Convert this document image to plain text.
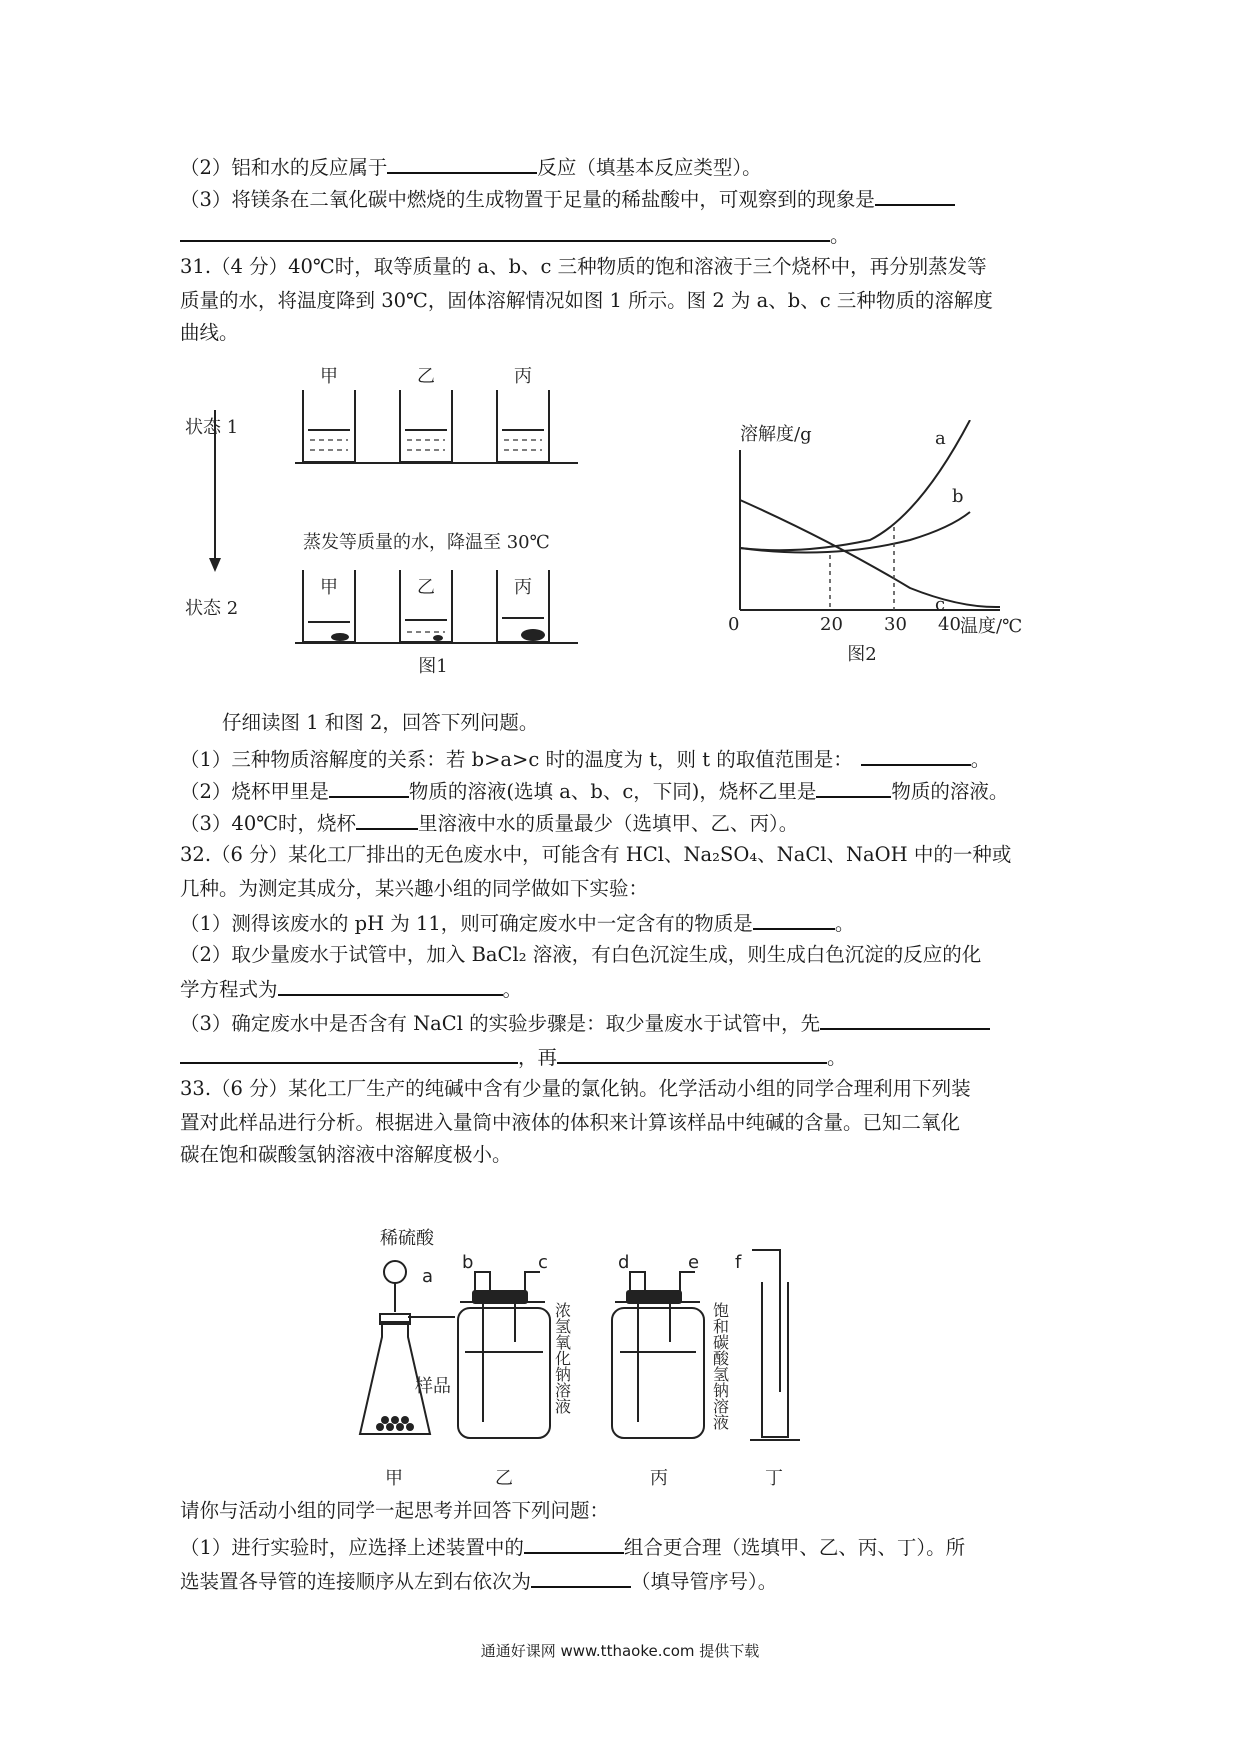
（2）铝和水的反应属于	反应（填基本反应类型）。
（3）将镁条在二氧化碳中燃烧的生成物置于足量的稀盐酸中，可观察到的现象是
。
31.（4 分）40℃时，取等质量的 a、b、c 三种物质的饱和溶液于三个烧杯中，再分别蒸发等
质量的水，将温度降到 30℃，固体溶解情况如图 1 所示。图 2 为 a、b、c 三种物质的溶解度
曲线。
甲	乙	丙
状态 1
蒸发等质量的水，降温至 30℃
状态 2
甲	乙	丙
图1
溶解度/g
温度/℃
0	20 30 40
a
b
c
图2
仔细读图 1 和图 2，回答下列问题。
（1）三种物质溶解度的关系：若 b>a>c 时的温度为 t，则 t 的取值范围是：	。
（2）烧杯甲里是	物质的溶液(选填 a、b、c，下同)，烧杯乙里是	物质的溶液。
（3）40℃时，烧杯	里溶液中水的质量最少（选填甲、乙、丙）。
32.（6 分）某化工厂排出的无色废水中，可能含有 HCl、Na₂SO₄、NaCl、NaOH 中的一种或
几种。为测定其成分，某兴趣小组的同学做如下实验：
（1）测得该废水的 pH 为 11，则可确定废水中一定含有的物质是	。
（2）取少量废水于试管中，加入 BaCl₂ 溶液，有白色沉淀生成，则生成白色沉淀的反应的化
学方程式为	。
（3）确定废水中是否含有 NaCl 的实验步骤是：取少量废水于试管中，先
，再	。
33.（6 分）某化工厂生产的纯碱中含有少量的氯化钠。化学活动小组的同学合理利用下列装
置对此样品进行分析。根据进入量筒中液体的体积来计算该样品中纯碱的含量。已知二氧化
碳在饱和碳酸氢钠溶液中溶解度极小。
稀硫酸
a
样品
b	c	d	e f
浓氢氧化钠溶液	饱和碳酸氢钠溶液
甲	乙	丙	丁
请你与活动小组的同学一起思考并回答下列问题：
（1）进行实验时，应选择上述装置中的	组合更合理（选填甲、乙、丙、丁）。所
选装置各导管的连接顺序从左到右依次为	（填导管序号）。
通通好课网 www.tthaoke.com 提供下载
